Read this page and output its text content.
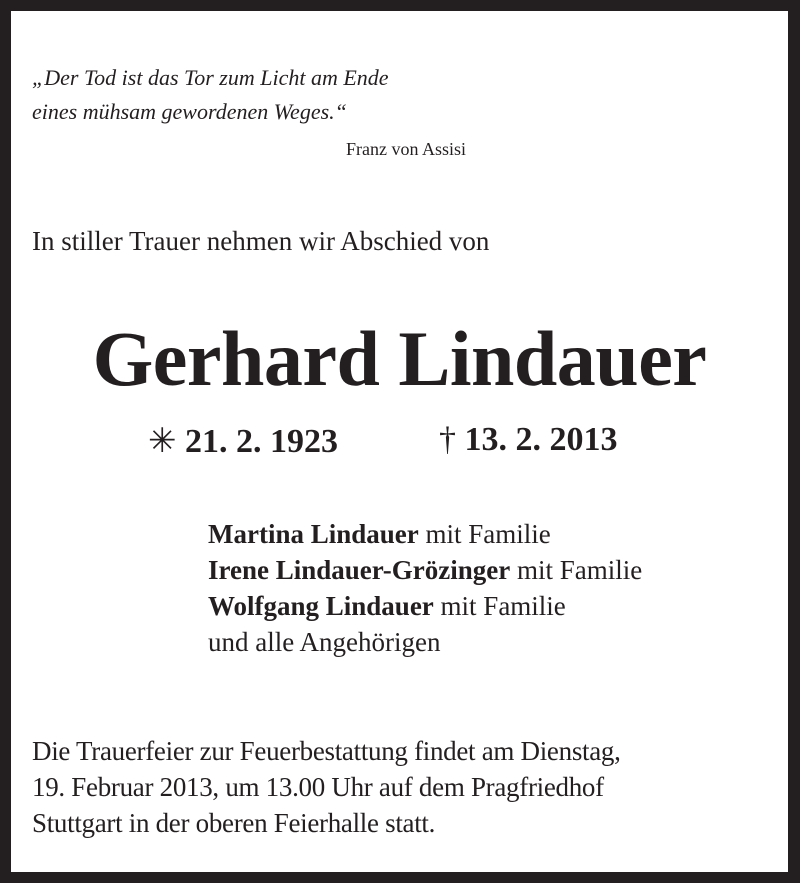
„Der Tod ist das Tor zum Licht am Ende
eines mühsam gewordenen Weges.“
Franz von Assisi
In stiller Trauer nehmen wir Abschied von
Gerhard Lindauer
✳ 21. 2. 1923	† 13. 2. 2013
Martina Lindauer mit Familie
Irene Lindauer-Grözinger mit Familie
Wolfgang Lindauer mit Familie
und alle Angehörigen
Die Trauerfeier zur Feuerbestattung findet am Dienstag,
19. Februar 2013, um 13.00 Uhr auf dem Pragfriedhof
Stuttgart in der oberen Feierhalle statt.
